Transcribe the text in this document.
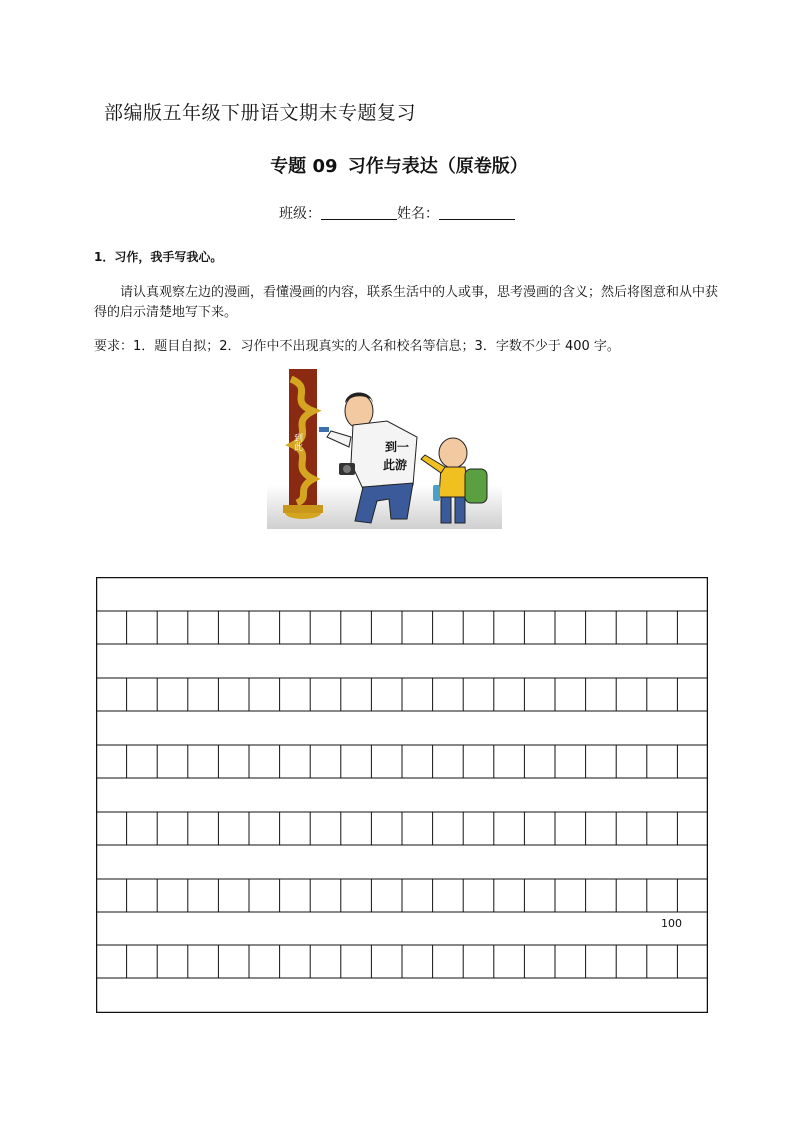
部编版五年级下册语文期末专题复习
专题 09 习作与表达（原卷版）
班级：	姓名：
1．习作，我手写我心。
请认真观察左边的漫画，看懂漫画的内容，联系生活中的人或事，思考漫画的含义；然后将图意和从中获得的启示清楚地写下来。
要求：1．题目自拟；2．习作中不出现真实的人名和校名等信息；3．字数不少于 400 字。
到此	到一
此游
100
